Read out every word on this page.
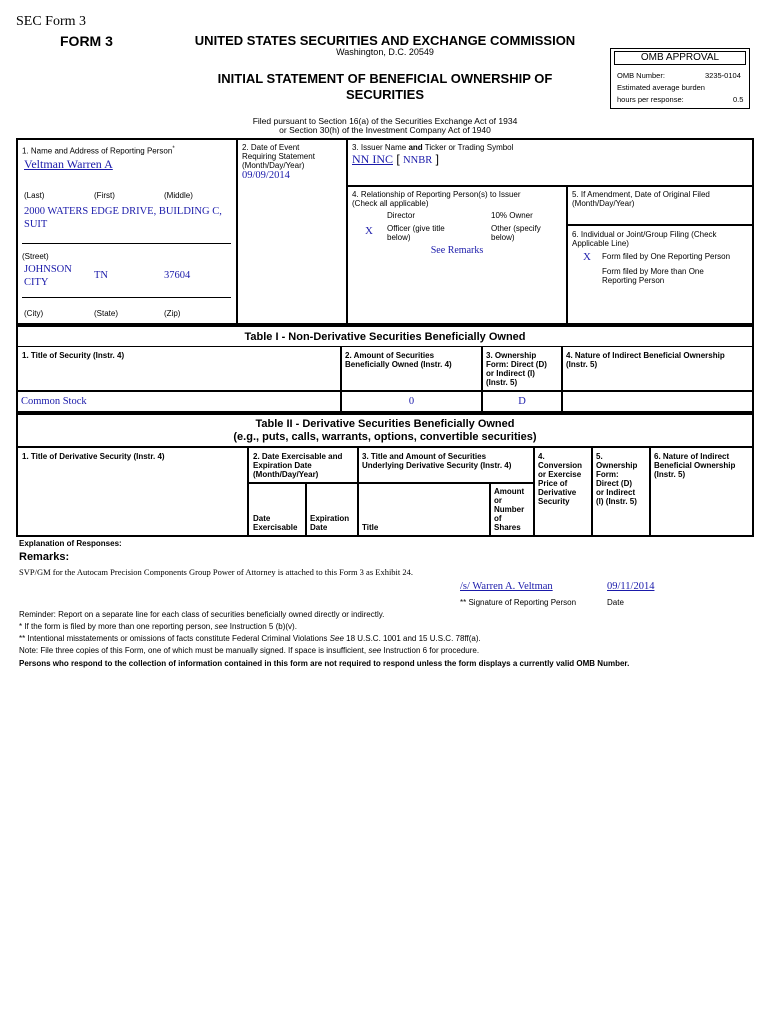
SEC Form 3
FORM 3	UNITED STATES SECURITIES AND EXCHANGE COMMISSION
Washington, D.C. 20549
INITIAL STATEMENT OF BENEFICIAL OWNERSHIP OF
SECURITIES
OMB APPROVAL
OMB Number:	3235-0104
Estimated average burden
hours per response:	0.5
Filed pursuant to Section 16(a) of the Securities Exchange Act of 1934
or Section 30(h) of the Investment Company Act of 1940
1. Name and Address of Reporting Person*
Veltman Warren A
(Last)	(First)	(Middle)
2000 WATERS EDGE DRIVE, BUILDING C, SUIT
(Street)
JOHNSON
CITY
TN	37604
(City)	(State)	(Zip)
2. Date of Event
Requiring Statement
(Month/Day/Year)
09/09/2014
3. Issuer Name and Ticker or Trading Symbol
NN INC [ NNBR ]
4. Relationship of Reporting Person(s) to Issuer
(Check all applicable)
Director	10% Owner
X Officer (give title
below)
Other (specify
below)
See Remarks
5. If Amendment, Date of Original Filed
(Month/Day/Year)
6. Individual or Joint/Group Filing (Check
Applicable Line)
X Form filed by One Reporting Person
Form filed by More than One
Reporting Person
Table I - Non-Derivative Securities Beneficially Owned
1. Title of Security (Instr. 4)	2. Amount of Securities
Beneficially Owned (Instr. 4)
3. Ownership
Form: Direct (D)
or Indirect (I)
(Instr. 5)
4. Nature of Indirect Beneficial Ownership
(Instr. 5)
Common Stock	0	D
Table II - Derivative Securities Beneficially Owned
(e.g., puts, calls, warrants, options, convertible securities)
1. Title of Derivative Security (Instr. 4)	2. Date Exercisable and
Expiration Date
(Month/Day/Year)
Date
Exercisable
Expiration
Date
3. Title and Amount of Securities
Underlying Derivative Security (Instr. 4)
Title
Amount
or
Number
of
Shares
4.
Conversion
or Exercise
Price of
Derivative
Security
5.
Ownership
Form:
Direct (D)
or Indirect
(I) (Instr. 5)
6. Nature of Indirect
Beneficial Ownership
(Instr. 5)
Explanation of Responses:
Remarks:
SVP/GM for the Autocam Precision Components Group Power of Attorney is attached to this Form 3 as Exhibit 24.
/s/ Warren A. Veltman	09/11/2014
** Signature of Reporting Person	Date
Reminder: Report on a separate line for each class of securities beneficially owned directly or indirectly.
* If the form is filed by more than one reporting person, see Instruction 5 (b)(v).
** Intentional misstatements or omissions of facts constitute Federal Criminal Violations See 18 U.S.C. 1001 and 15 U.S.C. 78ff(a).
Note: File three copies of this Form, one of which must be manually signed. If space is insufficient, see Instruction 6 for procedure.
Persons who respond to the collection of information contained in this form are not required to respond unless the form displays a currently valid OMB Number.
